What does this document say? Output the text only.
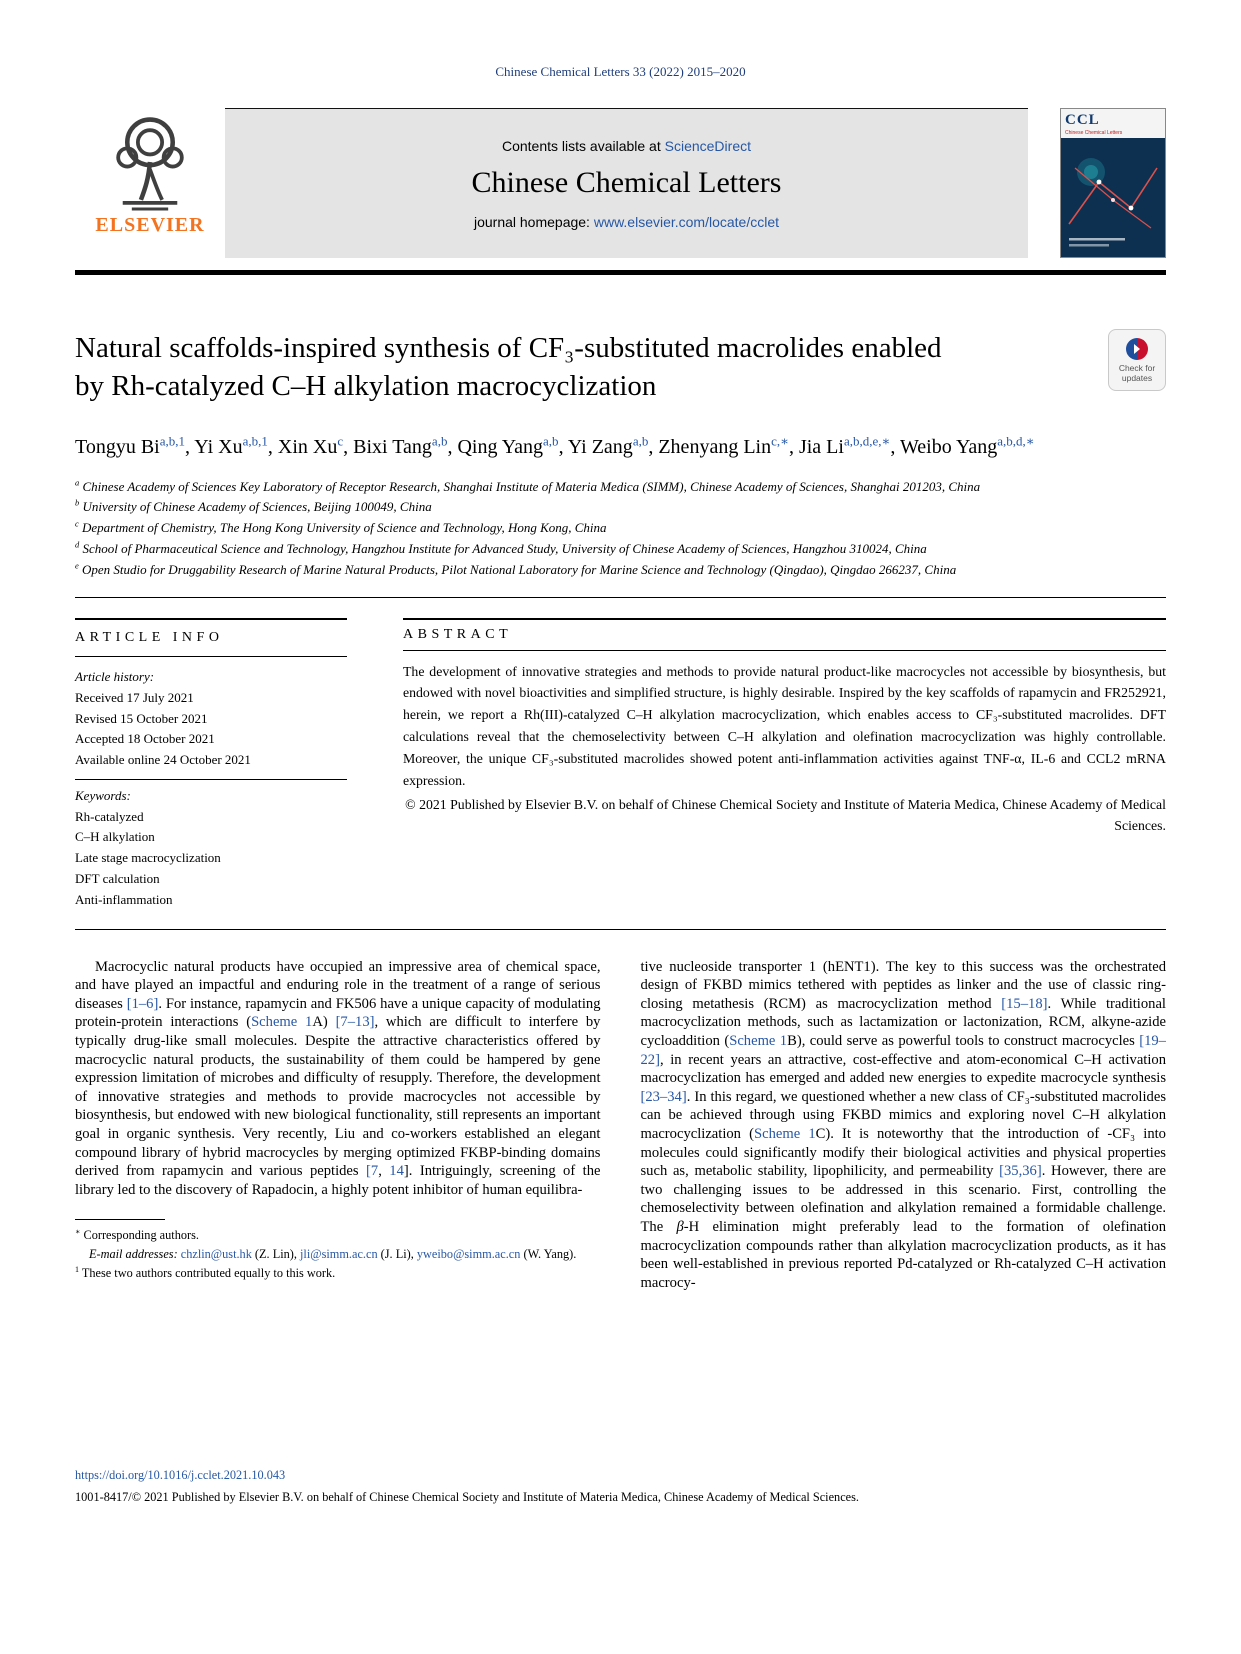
Chinese Chemical Letters 33 (2022) 2015–2020
ELSEVIER
Contents lists available at ScienceDirect
Chinese Chemical Letters
journal homepage: www.elsevier.com/locate/cclet
CCL
Chinese Chemical Letters
Natural scaffolds-inspired synthesis of CF₃-substituted macrolides enabled by Rh-catalyzed C–H alkylation macrocyclization
Check for
updates
Tongyu Bi$^{a,b,1}$, Yi Xu$^{a,b,1}$, Xin Xu$^c$, Bixi Tang$^{a,b}$, Qing Yang$^{a,b}$, Yi Zang$^{a,b}$, Zhenyang Lin$^{c,∗}$, Jia $Li^{a,b,d,e,∗}$, Weibo Yang$^{a,b,d,∗}$
$^a$ Chinese Academy of Sciences Key Laboratory of Receptor Research, Shanghai Institute of Materia Medica (SIMM), Chinese Academy of Sciences, Shanghai 201203, China
$^b$ University of Chinese Academy of Sciences, Beijing 100049, China
$^c$ Department of Chemistry, The Hong Kong University of Science and Technology, Hong Kong, China
$^d$ School of Pharmaceutical Science and Technology, Hangzhou Institute for Advanced Study, University of Chinese Academy of Sciences, Hangzhou 310024, China
$^e$ Open Studio for Druggability Research of Marine Natural Products, Pilot National Laboratory for Marine Science and Technology (Qingdao), Qingdao 266237, China
ARTICLE INFO
Article history:
Received 17 July 2021
Revised 15 October 2021
Accepted 18 October 2021
Available online 24 October 2021
Keywords:
Rh-catalyzed
C–H alkylation
Late stage macrocyclization
DFT calculation
Anti-inflammation
ABSTRACT

The development of innovative strategies and methods to provide natural product-like macrocycles not accessible by biosynthesis, but endowed with novel bioactivities and simplified structure, is highly desirable. Inspired by the key scaffolds of rapamycin and FR252921, herein, we report a Rh(III)-catalyzed C–H alkylation macrocyclization, which enables access to CF₃-substituted macrolides. DFT calculations reveal that the chemoselectivity between C–H alkylation and olefination macrocyclization was highly controllable. Moreover, the unique CF₃-substituted macrolides showed potent anti-inflammation activities against TNF-α, IL-6 and CCL2 mRNA expression.

© 2021 Published by Elsevier B.V. on behalf of Chinese Chemical Society and Institute of Materia Medica, Chinese Academy of Medical Sciences.

Macrocyclic natural products have occupied an impressive area of chemical space, and have played an impactful and enduring role in the treatment of a range of serious diseases [1–6]. For instance, rapamycin and FK506 have a unique capacity of modulating protein-protein interactions (Scheme 1A) [7–13], which are difficult to interfere by typically drug-like small molecules. Despite the attractive characteristics offered by macrocyclic natural products, the sustainability of them could be hampered by gene expression limitation of microbes and difficulty of resupply. Therefore, the development of innovative strategies and methods to provide macrocycles not accessible by biosynthesis, but endowed with new biological functionality, still represents an important goal in organic synthesis. Very recently, Liu and co-workers established an elegant compound library of hybrid macrocycles by merging optimized FKBP-binding domains derived from rapamycin and various peptides [7, 14]. Intriguingly, screening of the library led to the discovery of Rapadocin, a highly potent inhibitor of human equilibra-

∗ Corresponding authors.
E-mail addresses: chzlin@ust.hk (Z. Lin), jli@simm.ac.cn (J. Li), yweibo@simm.ac.cn (W. Yang).
$^1$ These two authors contributed equally to this work.

tive nucleoside transporter 1 (hENT1). The key to this success was the orchestrated design of FKBD mimics tethered with peptides as linker and the use of classic ring-closing metathesis (RCM) as macrocyclization method [15–18]. While traditional macrocyclization methods, such as lactamization or lactonization, RCM, alkyne-azide cycloaddition (Scheme 1B), could serve as powerful tools to construct macrocycles [19–22], in recent years an attractive, cost-effective and atom-economical C–H activation macrocyclization has emerged and added new energies to expedite macrocycle synthesis [23–34]. In this regard, we questioned whether a new class of CF₃-substituted macrolides can be achieved through using FKBD mimics and exploring novel C–H alkylation macrocyclization (Scheme 1C). It is noteworthy that the introduction of -CF₃ into molecules could significantly modify their biological activities and physical properties such as, metabolic stability, lipophilicity, and permeability [35,36]. However, there are two challenging issues to be addressed in this scenario. First, controlling the chemoselectivity between olefination and alkylation remained a formidable challenge. The β-H elimination might preferably lead to the formation of olefination macrocyclization compounds rather than alkylation macrocyclization products, as it has been well-established in previous reported Pd-catalyzed or Rh-catalyzed C–H activation macrocy-

https://doi.org/10.1016/j.cclet.2021.10.043
1001-8417/© 2021 Published by Elsevier B.V. on behalf of Chinese Chemical Society and Institute of Materia Medica, Chinese Academy of Medical Sciences.
